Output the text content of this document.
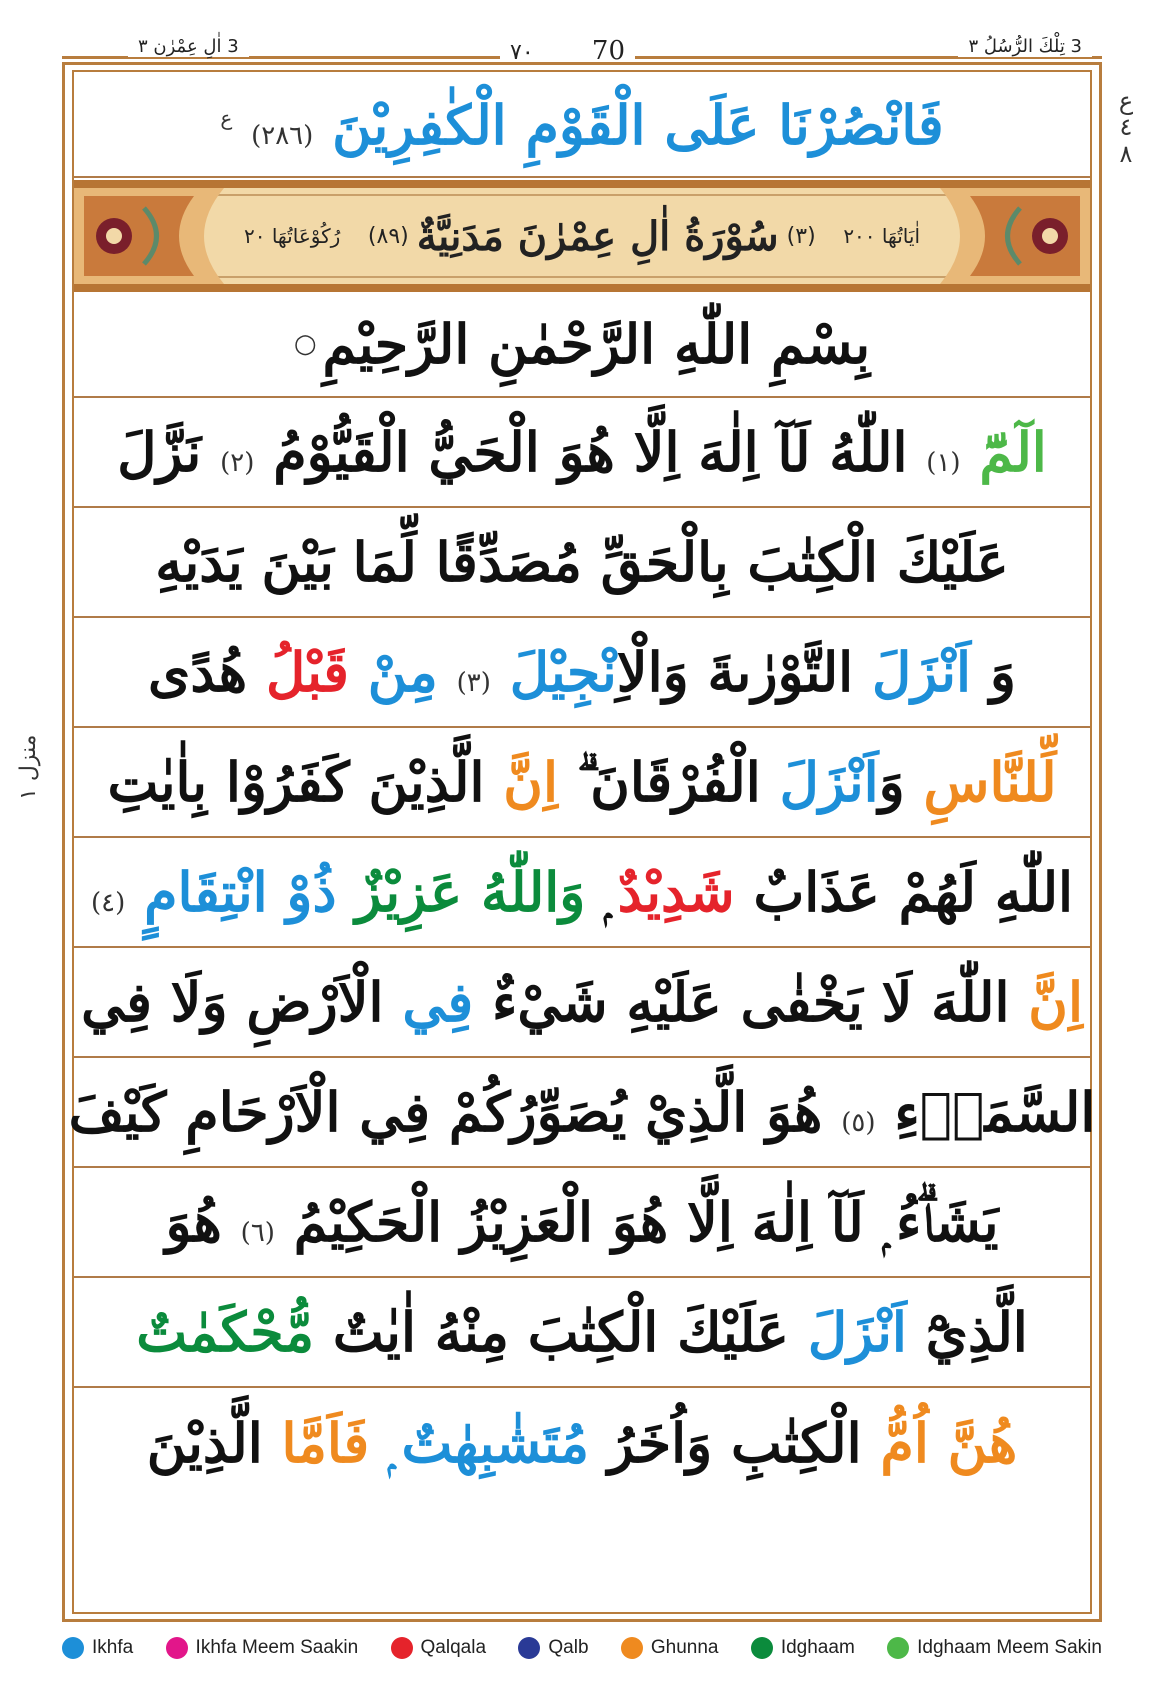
3 تِلْكَ الرُّسُلُ ٣
٧٠ 70
3 اٰلِ عِمْرٰن ٣
ع ٤ ٨
منزل ١
فَانْصُرْنَا عَلَى الْقَوْمِ الْكٰفِرِيْنَ (٢٨٦) $^ع$
اٰيَاتُهَا ٢٠٠
(٣)
سُوْرَةُ اٰلِ عِمْرٰنَ مَدَنِيَّةٌ
(٨٩)
رُكُوْعَاتُهَا ٢٠
بِسْمِ اللّٰهِ الرَّحْمٰنِ الرَّحِيْمِ
○
الٓمّٓ (١) اللّٰهُ لَآ اِلٰهَ اِلَّا هُوَ الْحَيُّ الْقَيُّوْمُ (٢) نَزَّلَ
عَلَيْكَ الْكِتٰبَ بِالْحَقِّ مُصَدِّقًا لِّمَا بَيْنَ يَدَيْهِ
وَ اَنْزَلَ التَّوْرٰىةَ وَالْاِنْجِيْلَ (٣) مِنْ قَبْلُ هُدًى
لِّلنَّاسِ وَاَنْزَلَ الْفُرْقَانَ ۗ اِنَّ الَّذِيْنَ كَفَرُوْا بِاٰيٰتِ
اللّٰهِ لَهُمْ عَذَابٌ شَدِيْدٌ ۭ وَاللّٰهُ عَزِيْزٌ ذُوْ انْتِقَامٍ (٤)
اِنَّ اللّٰهَ لَا يَخْفٰى عَلَيْهِ شَيْءٌ فِي الْاَرْضِ وَلَا فِي
السَّمَاۗءِ (٥) هُوَ الَّذِيْ يُصَوِّرُكُمْ فِي الْاَرْحَامِ كَيْفَ
يَشَاۗءُ ۭ لَآ اِلٰهَ اِلَّا هُوَ الْعَزِيْزُ الْحَكِيْمُ (٦) هُوَ
الَّذِيْٓ اَنْزَلَ عَلَيْكَ الْكِتٰبَ مِنْهُ اٰيٰتٌ مُّحْكَمٰتٌ
هُنَّ اُمُّ الْكِتٰبِ وَاُخَرُ مُتَشٰبِهٰتٌ ۭ فَاَمَّا الَّذِيْنَ
Ikhfa	Ikhfa Meem Saakin	Qalqala	Qalb	Ghunna	Idghaam	Idghaam Meem Sakin
